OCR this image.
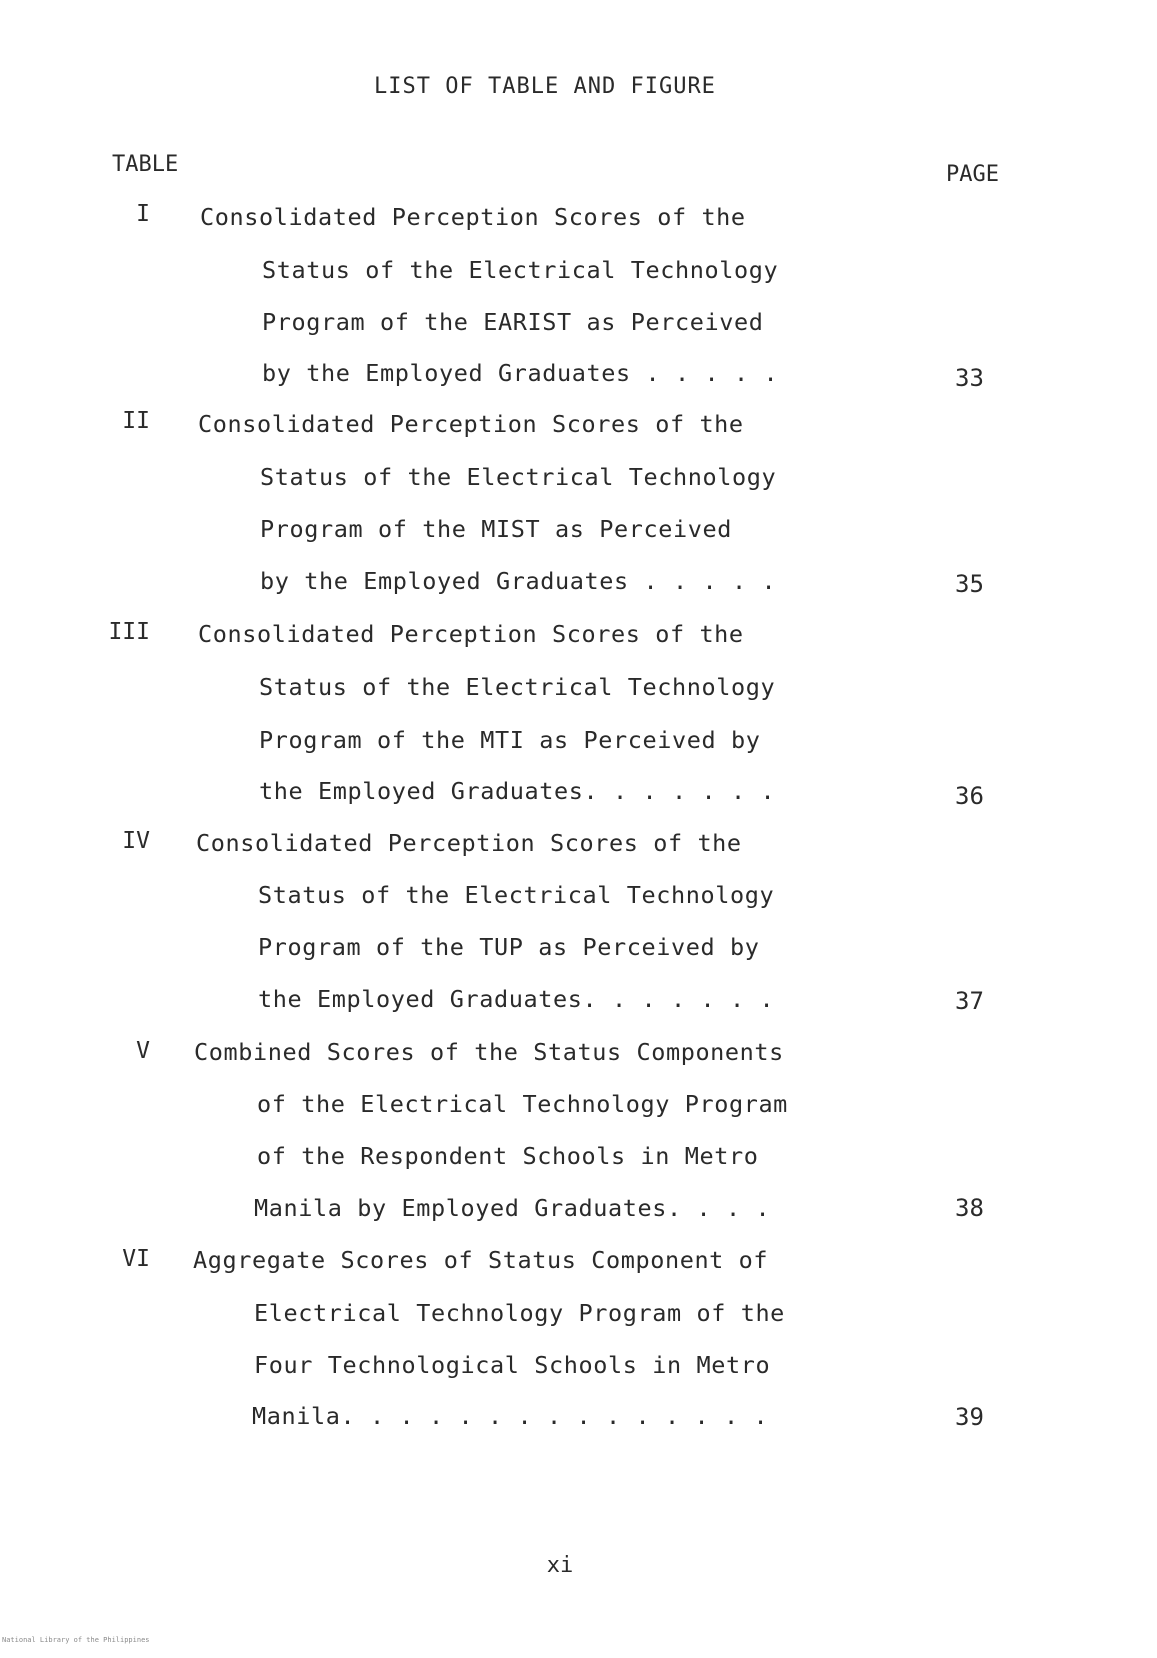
LIST OF TABLE AND FIGURE
TABLE	PAGE
I Consolidated Perception Scores of the
Status of the Electrical Technology
Program of the EARIST as Perceived
by the Employed Graduates . . . . .	33
II Consolidated Perception Scores of the
Status of the Electrical Technology
Program of the MIST as Perceived
by the Employed Graduates . . . . .	35
III Consolidated Perception Scores of the
Status of the Electrical Technology
Program of the MTI as Perceived by
the Employed Graduates. . . . . . .	36
IV Consolidated Perception Scores of the
Status of the Electrical Technology
Program of the TUP as Perceived by
the Employed Graduates. . . . . . .	37
V Combined Scores of the Status Components
of the Electrical Technology Program
of the Respondent Schools in Metro
Manila by Employed Graduates. . . .	38
VI Aggregate Scores of Status Component of
Electrical Technology Program of the
Four Technological Schools in Metro
Manila. . . . . . . . . . . . . . .	39
xi
National Library of the Philippines
